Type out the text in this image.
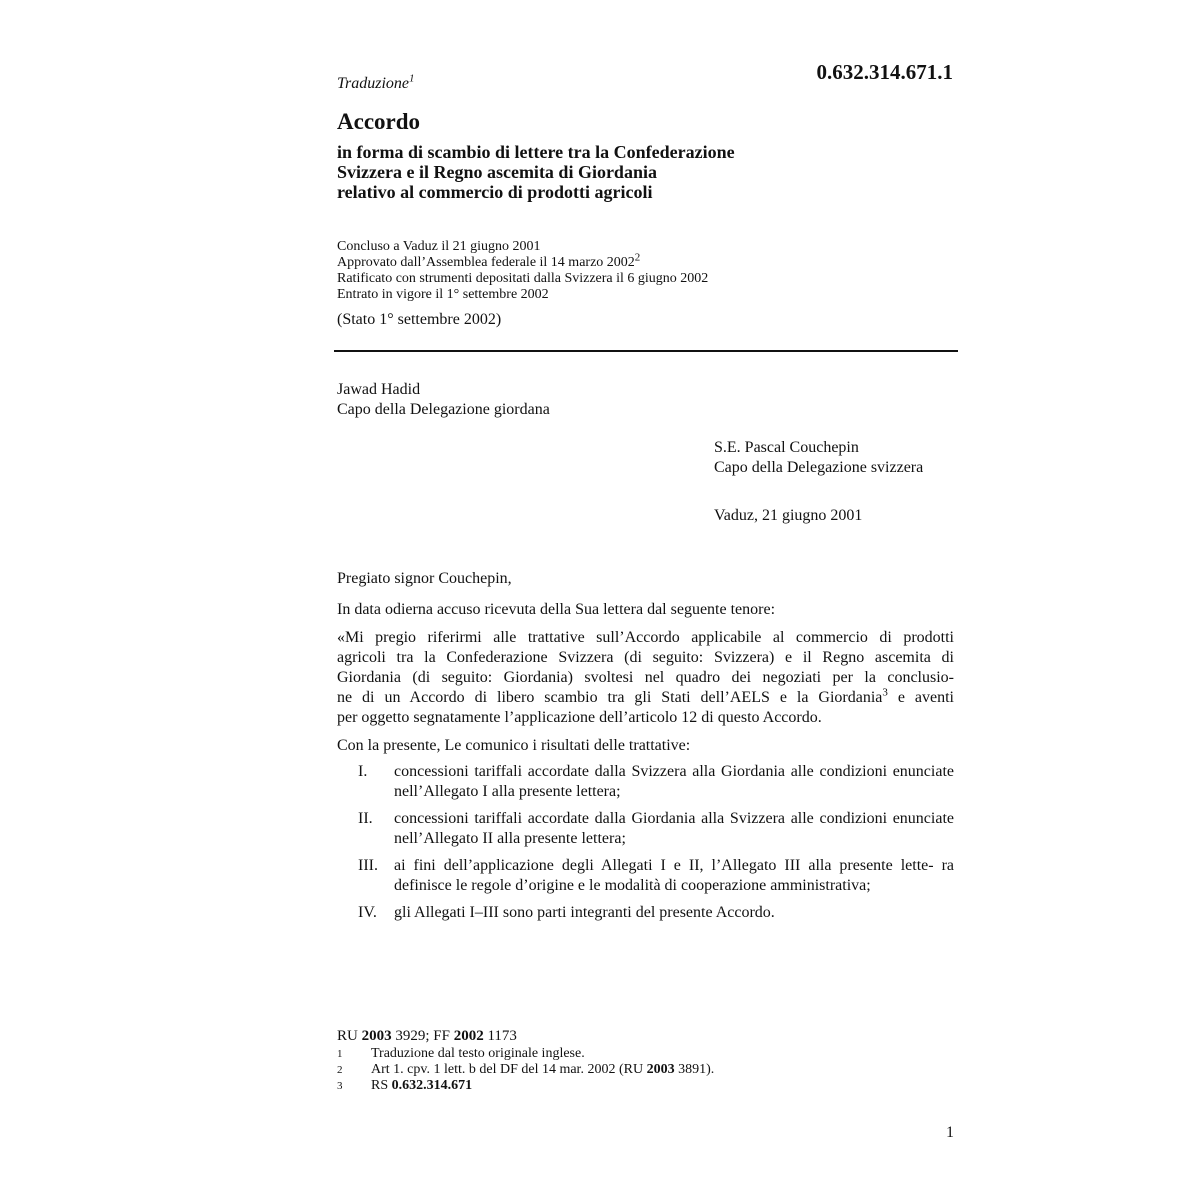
0.632.314.671.1
Traduzione$^1$
Accordo
in forma di scambio di lettere tra la Confederazione
Svizzera e il Regno ascemita di Giordania
relativo al commercio di prodotti agricoli
Concluso a Vaduz il 21 giugno 2001
Approvato dall’Assemblea federale il 14 marzo 2002$^2$
Ratificato con strumenti depositati dalla Svizzera il 6 giugno 2002
Entrato in vigore il 1° settembre 2002
(Stato 1° settembre 2002)
Jawad Hadid
Capo della Delegazione giordana
S.E. Pascal Couchepin
Capo della Delegazione svizzera
Vaduz, 21 giugno 2001

Pregiato signor Couchepin,

In data odierna accuso ricevuta della Sua lettera dal seguente tenore:

«Mi pregio riferirmi alle trattative sull’Accordo applicabile al commercio di prodotti
agricoli tra la Confederazione Svizzera (di seguito: Svizzera) e il Regno ascemita di
Giordania (di seguito: Giordania) svoltesi nel quadro dei negoziati per la conclusio-
ne di un Accordo di libero scambio tra gli Stati dell’AELS e la Giordania$^3$ e aventi
per oggetto segnatamente l’applicazione dell’articolo 12 di questo Accordo.

Con la presente, Le comunico i risultati delle trattative:

I.	concessioni tariffali accordate dalla Svizzera alla Giordania alle condizioni enunciate nell’Allegato I alla presente lettera;
II.	concessioni tariffali accordate dalla Giordania alla Svizzera alle condizioni enunciate nell’Allegato II alla presente lettera;
III.	ai fini dell’applicazione degli Allegati I e II, l’Allegato III alla presente lette- ra definisce le regole d’origine e le modalità di cooperazione amministrativa;
IV.	gli Allegati I–III sono parti integranti del presente Accordo.
RU 2003 3929; FF 2002 1173
1	Traduzione dal testo originale inglese.
2	Art 1. cpv. 1 lett. b del DF del 14 mar. 2002 (RU 2003 3891).
3	RS 0.632.314.671
1
